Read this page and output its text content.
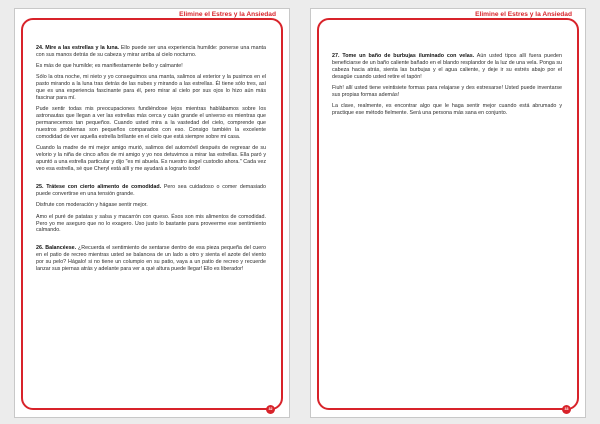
Elimine el Estres y la Ansiedad

24. Mire a las estrellas y la luna. Ello puede ser una experiencia humilde: ponerse una manta con sus manos detrás de su cabeza y mirar arriba al cielo nocturno.

Es más de que humilde; es manifiestamente bello y calmante!

Sólo la otra noche, mi nieto y yo conseguimos una manta, salimos al exterior y la pusimos en el pasto mirando a la luna tras detrás de las nubes y mirando a las estrellas. Él tiene sólo tres, así que es una experiencia fascinante para él, pero mirar al cielo por sus ojos lo hizo aún más fascinar para mí.

Pude sentir todas mis preocupaciones fundiéndose lejos mientras hablábamos sobre los astronautas que llegan a ver las estrellas más cerca y cuán grande el universo es mientras que permanecemos tan pequeños. Cuando usted mira a la vastedad del cielo, comprende que nuestros problemas son pequeños comparados con eso. Consigo también la excelente comodidad de ver aquella estrella brillante en el cielo que está siempre sobre mi casa.

Cuando la madre de mi mejor amigo murió, salimos del automóvil después de regresar de su velorio y la niña de cinco años de mi amigo y yo nos detuvimos a mirar las estrellas. Ella paró y apuntó a una estrella particular y dijo "es mi abuela. Es nuestro ángel custodio ahora." Cada vez veo esa estrella, sé que Cheryl está allí y me ayudará a lograrlo todo!

25. Trátese con cierto alimento de comodidad. Pero sea cuidadoso o comer demasiado puede convertirse en una tensión grande.

Disfrute con moderación y hágase sentir mejor.

Amo el puré de patatas y salsa y macarrón con queso. Ésos son mis alimentos de comodidad. Pero yo me aseguro que no lo exagero. Uso justo lo bastante para proveerme ese sentimiento calmando.

26. Balancéese. ¿Recuerda el sentimiento de sentarse dentro de esa pieza pequeña del cuero en el patio de recreo mientras usted se balancea de un lado a otro y sienta el azote del viento por su pelo? Hágalo! si no tiene un columpio en su patio, vaya a un patio de recreo y recuerde lanzar sus piernas atrás y adelante para ver a qué altura puede llegar! Ello es liberador!

32
Elimine el Estres y la Ansiedad

27. Tome un baño de burbujas iluminado con velas. Aún usted tipos allí fuera pueden beneficiarse de un baño caliente bañado en el blando resplandor de la luz de una vela. Ponga su cabeza hacia atrás, sienta las burbujas y el agua caliente, y deje ir su estrés abajo por el desagüe cuando usted retire el tapón!

Fiuh! allí usted tiene veintisiete formas para relajarse y des estresarse! Usted puede inventarse sus propias formas además!

La clave, realmente, es encontrar algo que le haga sentir mejor cuando está abrumado y practique ese método fielmente. Será una persona más sana en conjunto.

33
